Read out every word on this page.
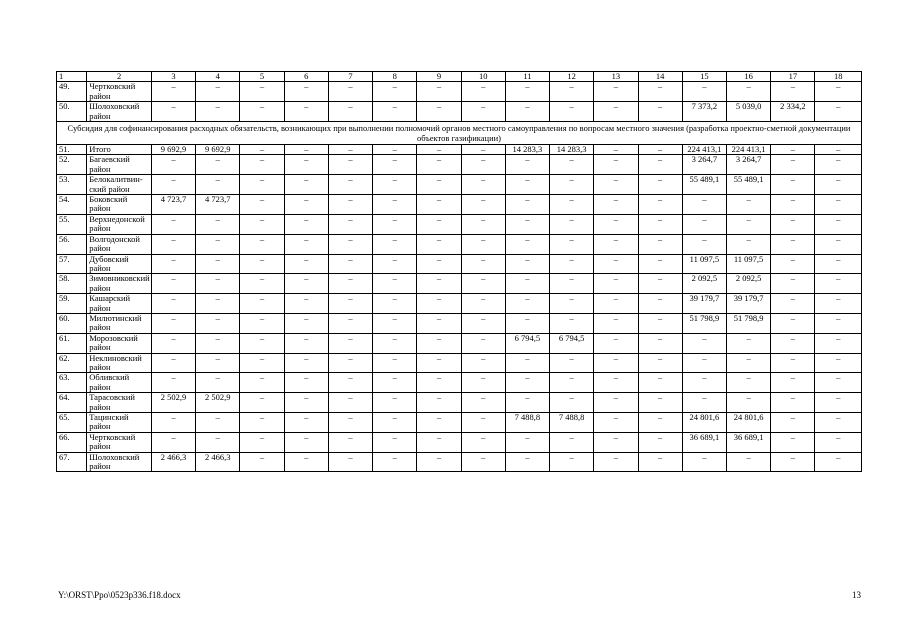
1	2	3	4	5	6	7	8	9	10	11	12	13	14	15	16	17	18
49.	Чертковский район	–	–	–	–	–	–	–	–	–	–	–	–	–	–	–	–
50.	Шолоховский район	–	–	–	–	–	–	–	–	–	–	–	–	7 373,2	5 039,0	2 334,2	–
Субсидия для софинансирования расходных обязательств, возникающих при выполнении полномочий органов местного самоуправления по вопросам местного значения (разработка проектно-сметной документации объектов газификации)																	
51.	Итого	9 692,9	9 692,9	–	–	–	–	–	–	14 283,3	14 283,3	–	–	224 413,1	224 413,1	–	–
52.	Багаевский район	–	–	–	–	–	–	–	–	–	–	–	–	3 264,7	3 264,7	–	–
53.	Белокалитвин-ский район	–	–	–	–	–	–	–	–	–	–	–	–	55 489,1	55 489,1	–	–
54.	Боковский район	4 723,7	4 723,7	–	–	–	–	–	–	–	–	–	–	–	–	–	–
55.	Верхнедонской район	–	–	–	–	–	–	–	–	–	–	–	–	–	–	–	–
56.	Волгодонской район	–	–	–	–	–	–	–	–	–	–	–	–	–	–	–	–
57.	Дубовский район	–	–	–	–	–	–	–	–	–	–	–	–	11 097,5	11 097,5	–	–
58.	Зимовниковский район	–	–	–	–	–	–	–	–	–	–	–	–	2 092,5	2 092,5	–	–
59.	Кашарский район	–	–	–	–	–	–	–	–	–	–	–	–	39 179,7	39 179,7	–	–
60.	Милютинский район	–	–	–	–	–	–	–	–	–	–	–	–	51 798,9	51 798,9	–	–
61.	Морозовский район	–	–	–	–	–	–	–	–	6 794,5	6 794,5	–	–	–	–	–	–
62.	Неклиновский район	–	–	–	–	–	–	–	–	–	–	–	–	–	–	–	–
63.	Обливский район	–	–	–	–	–	–	–	–	–	–	–	–	–	–	–	–
64.	Тарасовский район	2 502,9	2 502,9	–	–	–	–	–	–	–	–	–	–	–	–	–	–
65.	Тацинский район	–	–	–	–	–	–	–	–	7 488,8	7 488,8	–	–	24 801,6	24 801,6	–	–
66.	Чертковский район	–	–	–	–	–	–	–	–	–	–	–	–	36 689,1	36 689,1	–	–
67.	Шолоховский район	2 466,3	2 466,3	–	–	–	–	–	–	–	–	–	–	–	–	–	–
Y:\ORST\Ppo\0523p336.f18.docx	13
